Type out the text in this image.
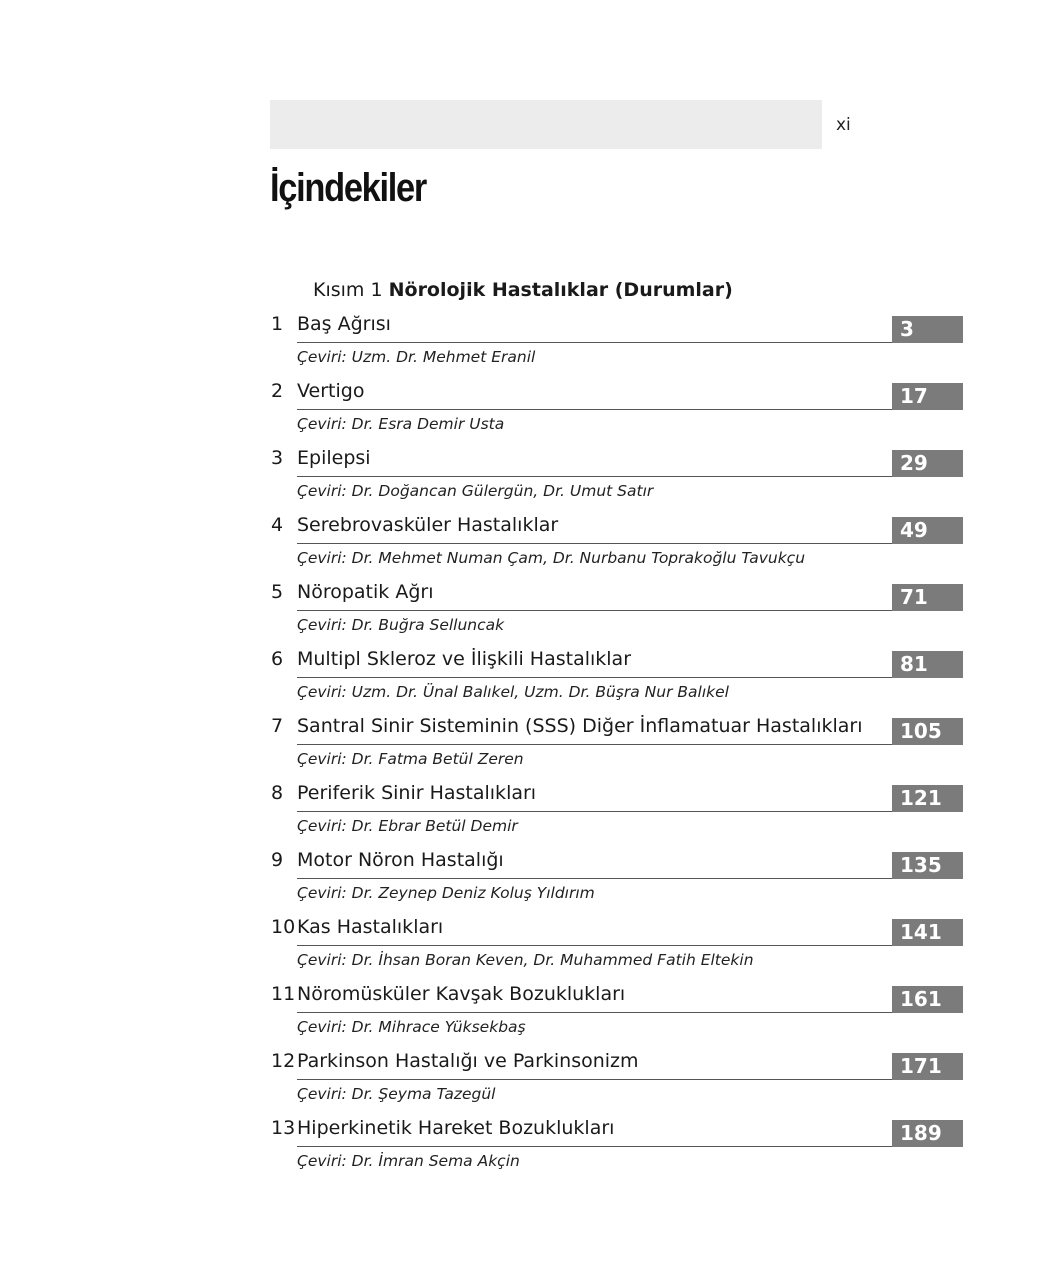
xi
İçindekiler
Kısım 1 Nörolojik Hastalıklar (Durumlar)
1 Baş Ağrısı	3
Çeviri: Uzm. Dr. Mehmet Eranil
2 Vertigo	17
Çeviri: Dr. Esra Demir Usta
3 Epilepsi	29
Çeviri: Dr. Doğancan Gülergün, Dr. Umut Satır
4 Serebrovasküler Hastalıklar	49
Çeviri: Dr. Mehmet Numan Çam, Dr. Nurbanu Toprakoğlu Tavukçu
5 Nöropatik Ağrı	71
Çeviri: Dr. Buğra Selluncak
6 Multipl Skleroz ve İlişkili Hastalıklar	81
Çeviri: Uzm. Dr. Ünal Balıkel, Uzm. Dr. Büşra Nur Balıkel
7 Santral Sinir Sisteminin (SSS) Diğer İnflamatuar Hastalıkları	105
Çeviri: Dr. Fatma Betül Zeren
8 Periferik Sinir Hastalıkları	121
Çeviri: Dr. Ebrar Betül Demir
9 Motor Nöron Hastalığı	135
Çeviri: Dr. Zeynep Deniz Koluş Yıldırım
10 Kas Hastalıkları	141
Çeviri: Dr. İhsan Boran Keven, Dr. Muhammed Fatih Eltekin
11 Nöromüsküler Kavşak Bozuklukları	161
Çeviri: Dr. Mihrace Yüksekbaş
12 Parkinson Hastalığı ve Parkinsonizm	171
Çeviri: Dr. Şeyma Tazegül
13 Hiperkinetik Hareket Bozuklukları	189
Çeviri: Dr. İmran Sema Akçin
